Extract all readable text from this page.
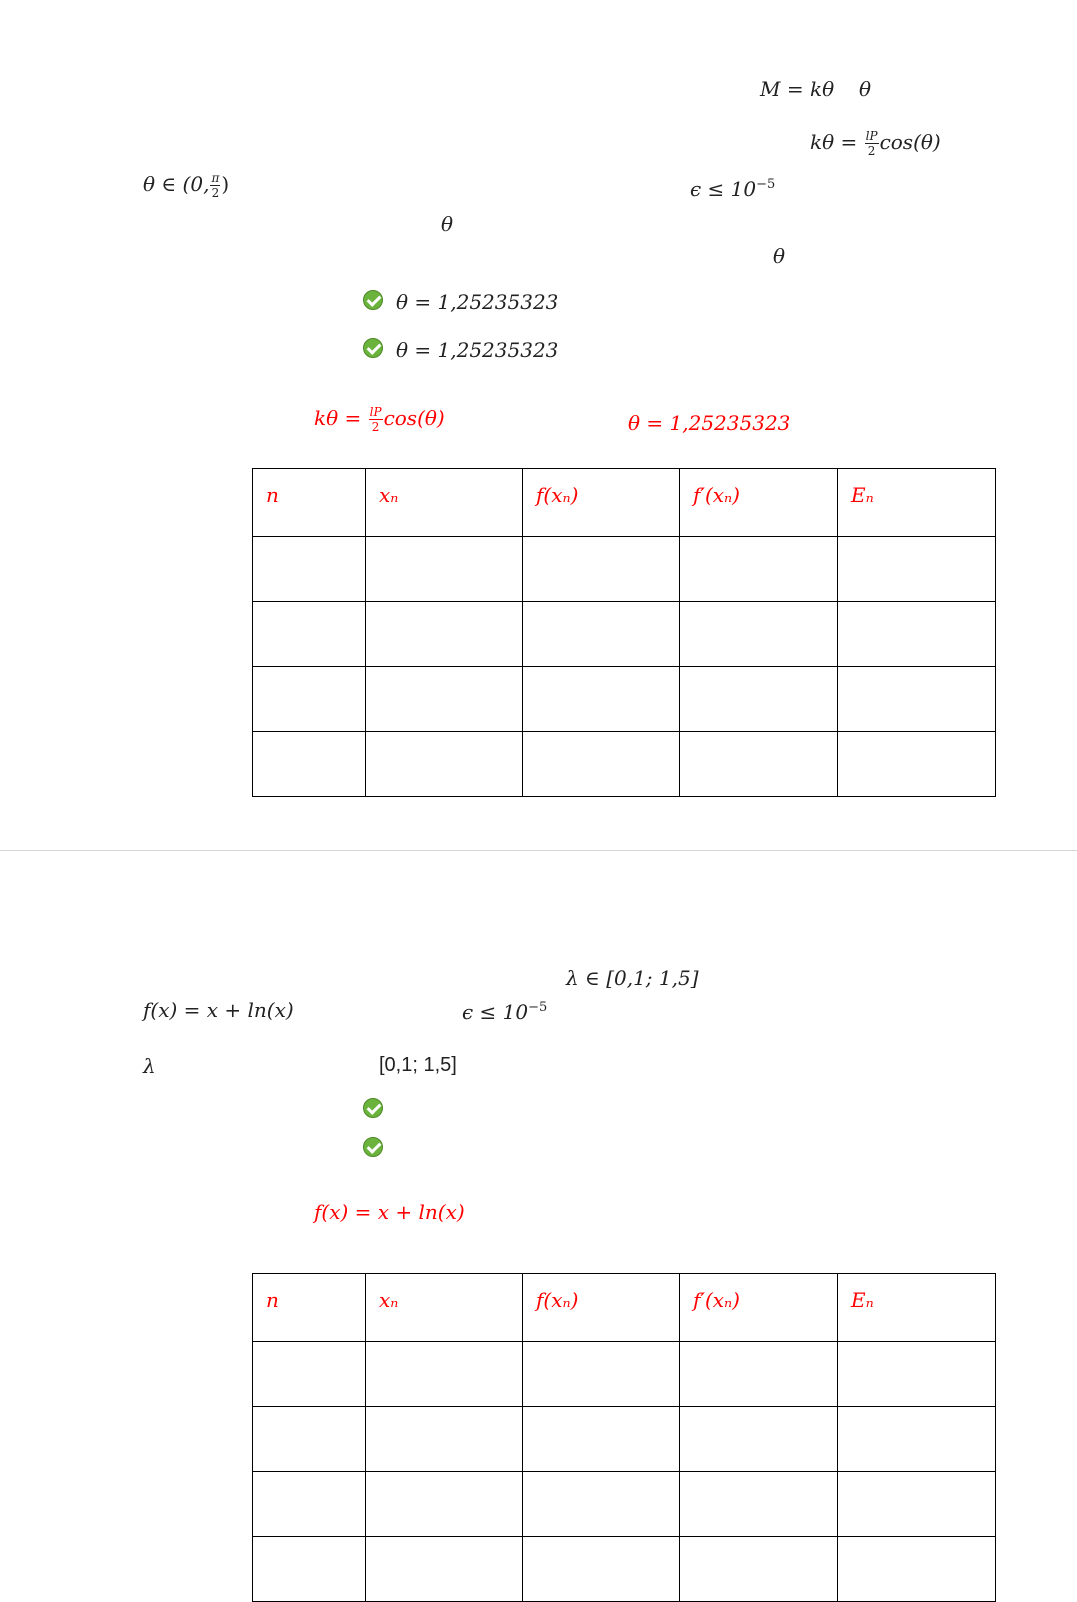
M = kθ θ
$k\theta = \frac{lP}{2} \cos(\theta)$
θ ∈ (0, $\frac{\pi}{2}$ )	$\epsilon \le 10^{-5}$
θ
θ
θ = 1,25235323
θ = 1,25235323
$k\theta = \frac{lP}{2} \cos(\theta)$	θ = 1,25235323
n	xₙ	f(xₙ)	f′(xₙ)	Eₙ

λ ∈ [0,1; 1,5]
f(x) = x + ln(x)	$\epsilon \le 10^{-5}$
λ	[0,1; 1,5]
f(x) = x + ln(x)
n	xₙ	f(xₙ)	f′(xₙ)	Eₙ
